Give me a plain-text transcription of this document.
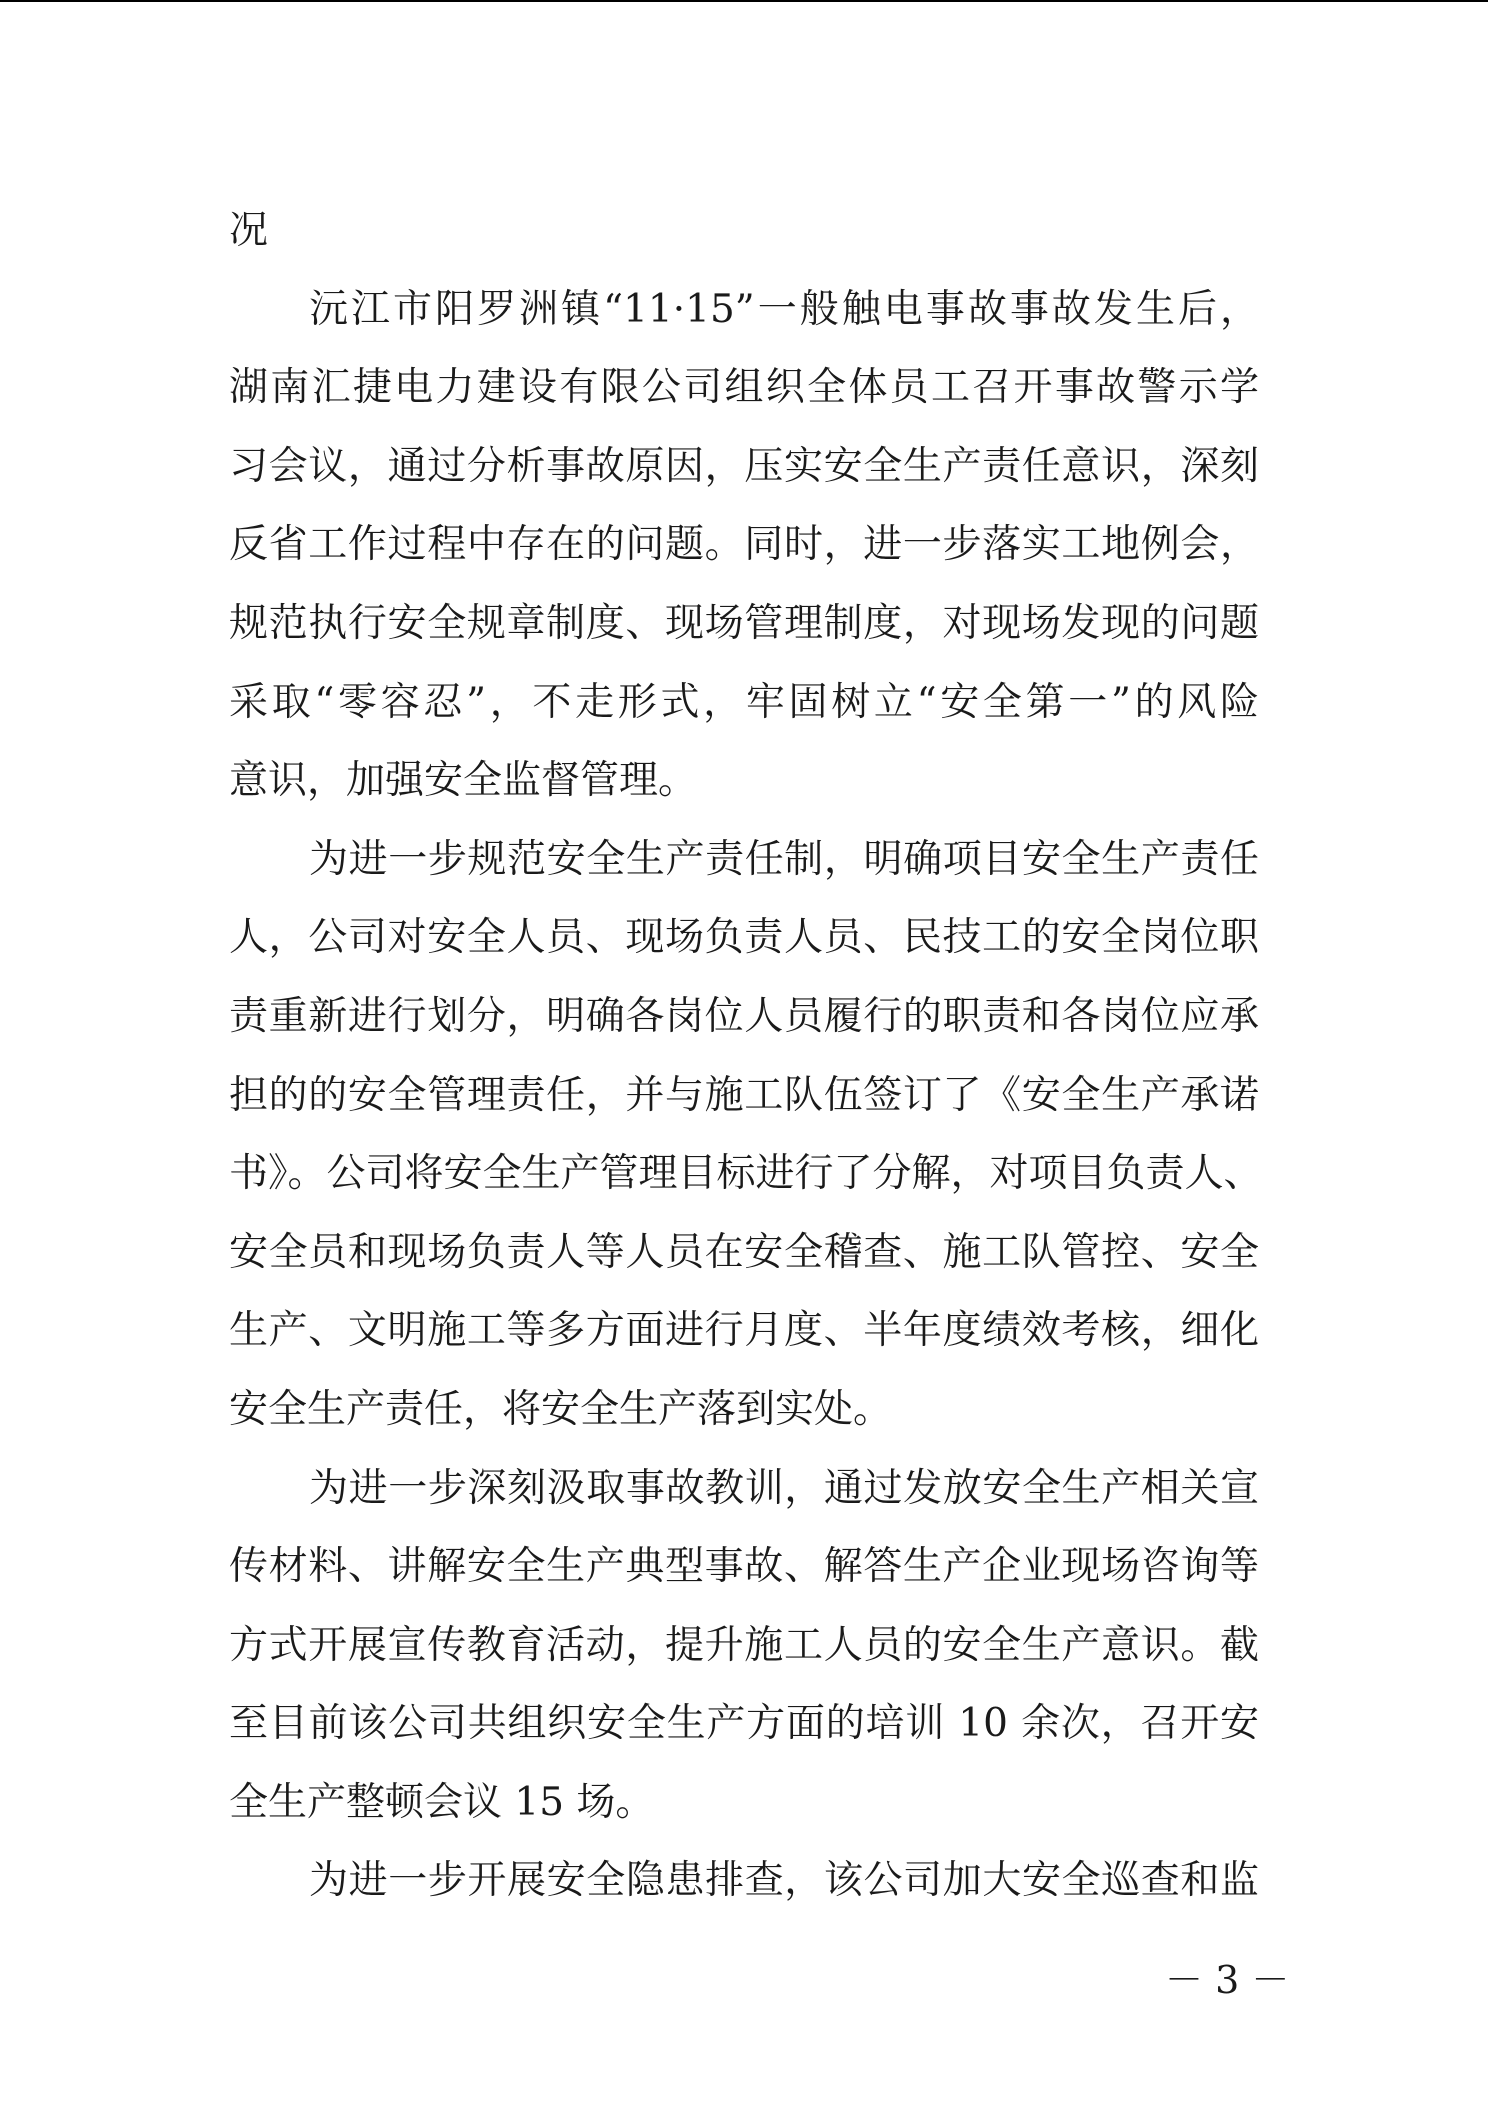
况
沅江市阳罗洲镇“11·15”一般触电事故事故发生后，
湖南汇捷电力建设有限公司组织全体员工召开事故警示学
习会议，通过分析事故原因，压实安全生产责任意识，深刻
反省工作过程中存在的问题。同时，进一步落实工地例会，
规范执行安全规章制度、现场管理制度，对现场发现的问题
采取“零容忍”，不走形式，牢固树立“安全第一”的风险
意识，加强安全监督管理。
为进一步规范安全生产责任制，明确项目安全生产责任
人，公司对安全人员、现场负责人员、民技工的安全岗位职
责重新进行划分，明确各岗位人员履行的职责和各岗位应承
担的的安全管理责任，并与施工队伍签订了《安全生产承诺
书》。公司将安全生产管理目标进行了分解，对项目负责人、
安全员和现场负责人等人员在安全稽查、施工队管控、安全
生产、文明施工等多方面进行月度、半年度绩效考核，细化
安全生产责任，将安全生产落到实处。
为进一步深刻汲取事故教训，通过发放安全生产相关宣
传材料、讲解安全生产典型事故、解答生产企业现场咨询等
方式开展宣传教育活动，提升施工人员的安全生产意识。截
至目前该公司共组织安全生产方面的培训 10 余次，召开安
全生产整顿会议 15 场。
为进一步开展安全隐患排查，该公司加大安全巡查和监
－ 3 －
